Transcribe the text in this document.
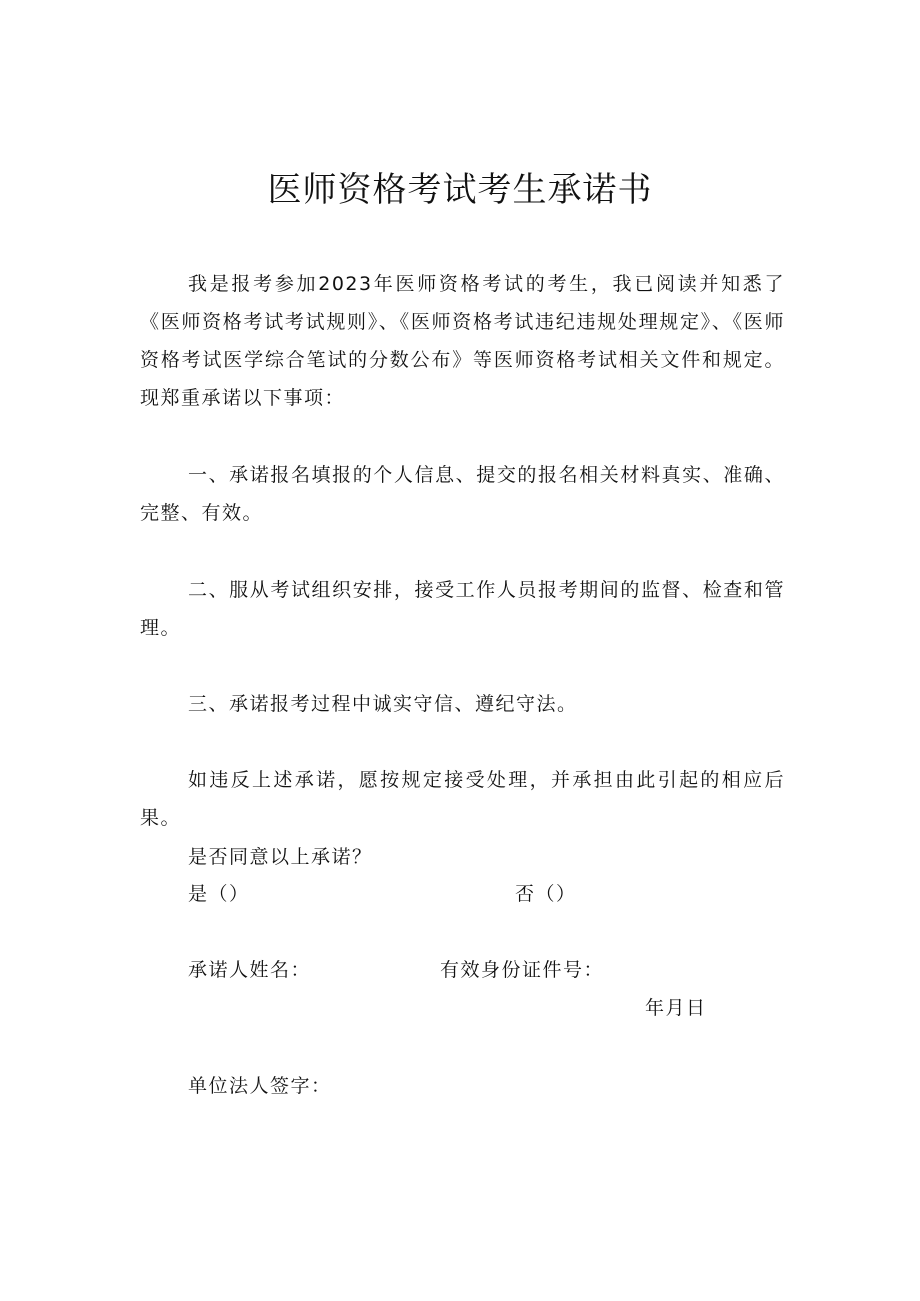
医师资格考试考生承诺书

我是报考参加2023年医师资格考试的考生，我已阅读并知悉了《医师资格考试考试规则》、《医师资格考试违纪违规处理规定》、《医师资格考试医学综合笔试的分数公布》等医师资格考试相关文件和规定。现郑重承诺以下事项：

一、承诺报名填报的个人信息、提交的报名相关材料真实、准确、完整、有效。

二、服从考试组织安排，接受工作人员报考期间的监督、检查和管理。

三、承诺报考过程中诚实守信、遵纪守法。

如违反上述承诺，愿按规定接受处理，并承担由此引起的相应后果。

是否同意以上承诺？
是（）	否（）
承诺人姓名：	有效身份证件号：
年月日
单位法人签字：
